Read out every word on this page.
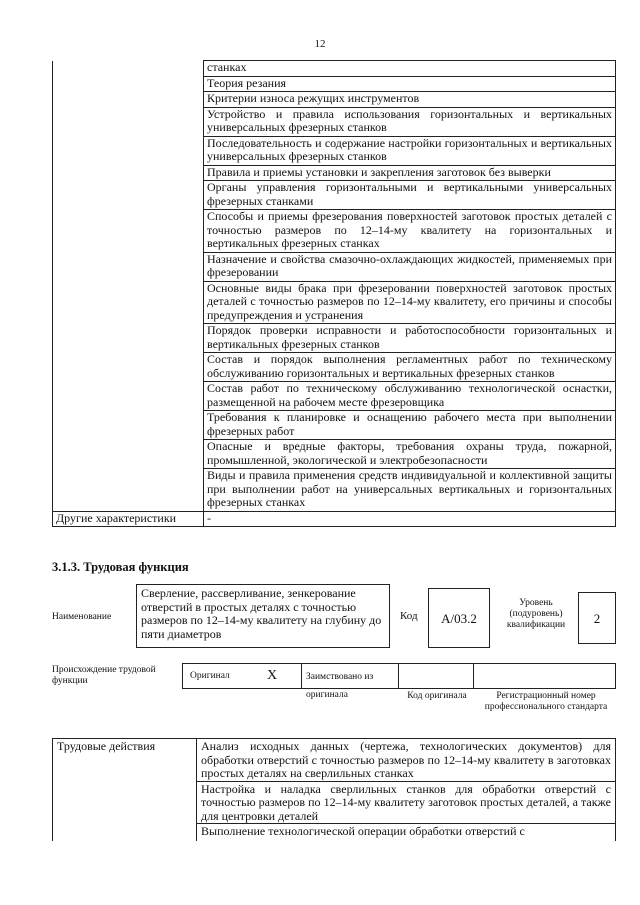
12
	станках
	Теория резания
	Критерии износа режущих инструментов
	Устройство и правила использования горизонтальных и вертикальных универсальных фрезерных станков
	Последовательность и содержание настройки горизонтальных и вертикальных универсальных фрезерных станков
	Правила и приемы установки и закрепления заготовок без выверки
	Органы управления горизонтальными и вертикальными универсальных фрезерных станками
	Способы и приемы фрезерования поверхностей заготовок простых деталей с точностью размеров по 12–14-му квалитету на горизонтальных и вертикальных фрезерных станках
	Назначение и свойства смазочно-охлаждающих жидкостей, применяемых при фрезеровании
	Основные виды брака при фрезеровании поверхностей заготовок простых деталей с точностью размеров по 12–14-му квалитету, его причины и способы предупреждения и устранения
	Порядок проверки исправности и работоспособности горизонтальных и вертикальных фрезерных станков
	Состав и порядок выполнения регламентных работ по техническому обслуживанию горизонтальных и вертикальных фрезерных станков
	Состав работ по техническому обслуживанию технологической оснастки, размещенной на рабочем месте фрезеровщика
	Требования к планировке и оснащению рабочего места при выполнении фрезерных работ
	Опасные и вредные факторы, требования охраны труда, пожарной, промышленной, экологической и электробезопасности
	Виды и правила применения средств индивидуальной и коллективной защиты при выполнении работ на универсальных вертикальных и горизонтальных фрезерных станках
Другие характеристики	-
3.1.3. Трудовая функция
Наименование
Сверление, рассверливание, зенкерование отверстий в простых деталях с точностью размеров по 12–14-му квалитету на глубину до пяти диаметров
Код	A/03.2
Уровень (подуровень) квалификации	2
Происхождение трудовой функции	Оригинал	X	Заимствовано из оригинала	Код оригинала	Регистрационный номер профессионального стандарта
Трудовые действия	Анализ исходных данных (чертежа, технологических документов) для обработки отверстий с точностью размеров по 12–14-му квалитету в заготовках простых деталях на сверлильных станках
	Настройка и наладка сверлильных станков для обработки отверстий с точностью размеров по 12–14-му квалитету заготовок простых деталей, а также для центровки деталей
	Выполнение технологической операции обработки отверстий с
